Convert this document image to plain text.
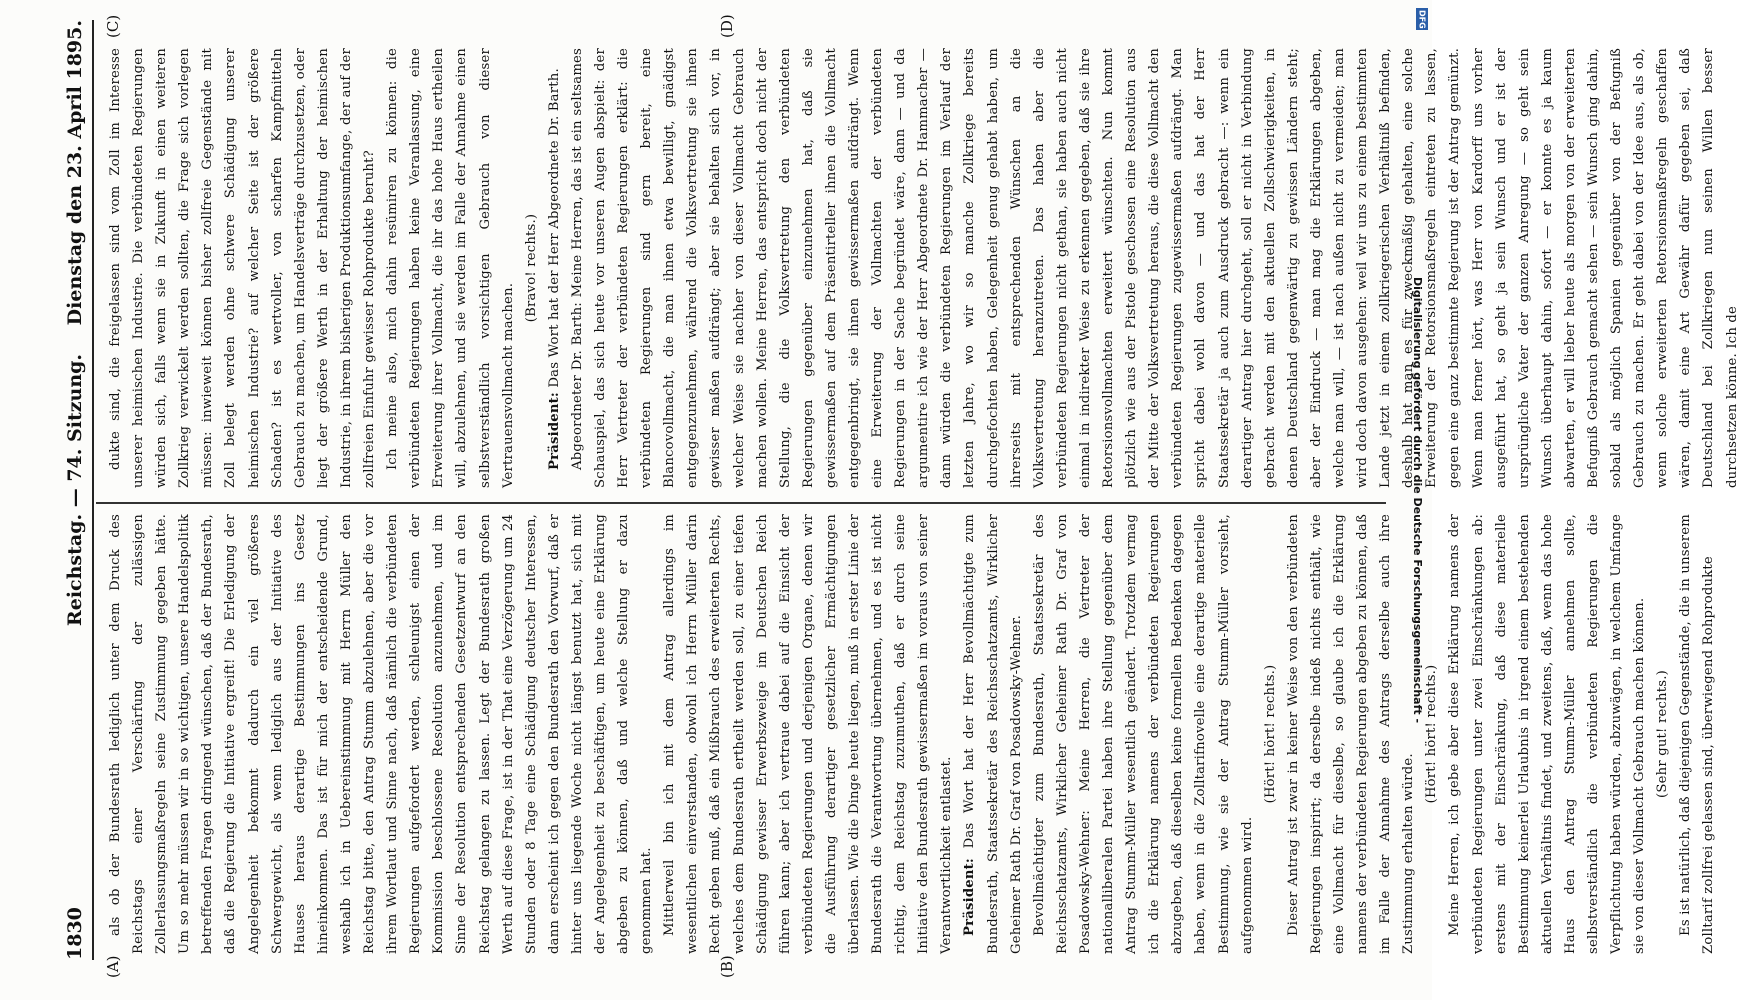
1830
Reichstag. — 74. Sitzung.
Dienstag den 23. April 1895.
(A)	(B)
(C)	(D)

als ob der Bundesrath lediglich unter dem Druck des Reichstags einer Verschärfung der zulässigen Zollerlassungsmaßregeln seine Zustimmung gegeben hätte. Um so mehr müssen wir in so wichtigen, unsere Handelspolitik betreffenden Fragen dringend wünschen, daß der Bundesrath, daß die Regierung die Initiative ergreift! Die Erledigung der Angelegenheit bekommt dadurch ein viel größeres Schwergewicht, als wenn lediglich aus der Initiative des Hauses heraus derartige Bestimmungen ins Gesetz hineinkommen. Das ist für mich der entscheidende Grund, weshalb ich in Uebereinstimmung mit Herrn Müller den Reichstag bitte, den Antrag Stumm abzulehnen, aber die vor ihrem Wortlaut und Sinne nach, daß nämlich die verbündeten Regierungen aufgefordert werden, schleunigst einen der Kommission beschlossene Resolution anzunehmen, und im Sinne der Resolution entsprechenden Gesetzentwurf an den Reichstag gelangen zu lassen. Legt der Bundesrath großen Werth auf diese Frage, ist in der That eine Verzögerung um 24 Stunden oder 8 Tage eine Schädigung deutscher Interessen, dann erscheint ich gegen den Bundesrath den Vorwurf, daß er hinter uns liegende Woche nicht längst benutzt hat, sich mit der Angelegenheit zu beschäftigen, um heute eine Erklärung abgeben zu können, daß und welche Stellung er dazu genommen hat. Mittlerweil bin ich mit dem Antrag allerdings im wesentlichen einverstanden, obwohl ich Herrn Müller darin Recht geben muß, daß ein Mißbrauch des erweiterten Rechts, welches dem Bundesrath ertheilt werden soll, zu einer tiefen Schädigung gewisser Erwerbszweige im Deutschen Reich führen kann; aber ich vertraue dabei auf die Einsicht der verbündeten Regierungen und derjenigen Organe, denen wir die Ausführung derartiger gesetzlicher Ermächtigungen überlassen. Wie die Dinge heute liegen, muß in erster Linie der Bundesrath die Verantwortung übernehmen, und es ist nicht richtig, dem Reichstag zuzumuthen, daß er durch seine Initiative den Bundesrath gewissermaßen im voraus von seiner Verantwortlichkeit entlastet. Präsident: Das Wort hat der Herr Bevollmächtigte zum Bundesrath, Staatssekretär des Reichsschatzamts, Wirklicher Geheimer Rath Dr. Graf von Posadowsky-Wehner. Bevollmächtigter zum Bundesrath, Staatssekretär des Reichsschatzamts, Wirklicher Geheimer Rath Dr. Graf von Posadowsky-Wehner: Meine Herren, die Vertreter der nationalliberalen Partei haben ihre Stellung gegenüber dem Antrag Stumm-Müller wesentlich geändert. Trotzdem vermag ich die Erklärung namens der verbündeten Regierungen abzugeben, daß dieselben keine formellen Bedenken dagegen haben, wenn in die Zolltarifnovelle eine derartige materielle Bestimmung, wie sie der Antrag Stumm-Müller vorsieht, aufgenommen wird.

(Hört! hört! rechts.) Dieser Antrag ist zwar in keiner Weise von den verbündeten Regierungen inspirirt; da derselbe indeß nichts enthält, wie eine Vollmacht für dieselbe, so glaube ich die Erklärung namens der verbündeten Regierungen abgeben zu können, daß im Falle der Annahme des Antrags derselbe auch ihre Zustimmung erhalten würde.

(Hört! hört! rechts.) Meine Herren, ich gebe aber diese Erklärung namens der verbündeten Regierungen unter zwei Einschränkungen ab: erstens mit der Einschränkung, daß diese materielle Bestimmung keinerlei Urlaubnis in irgend einem bestehenden aktuellen Verhältnis findet, und zweitens, daß, wenn das hohe Haus den Antrag Stumm-Müller annehmen sollte, selbstverständlich die verbündeten Regierungen die Verpflichtung haben würden, abzuwägen, in welchem Umfange sie von dieser Vollmacht Gebrauch machen können. (Sehr gut! rechts.) Es ist natürlich, daß diejenigen Gegenstände, die in unserem Zolltarif zollfrei gelassen sind, überwiegend Rohprodukte

dukte sind, die freigelassen sind vom Zoll im Interesse unserer heimischen Industrie. Die verbündeten Regierungen würden sich, falls wenn sie in Zukunft in einen weiteren Zollkrieg verwickelt werden sollten, die Frage sich vorlegen müssen: inwieweit können bisher zollfreie Gegenstände mit Zoll belegt werden ohne schwere Schädigung unserer heimischen Industrie? auf welcher Seite ist der größere Schaden? ist es wertvoller, von scharfen Kampfmitteln Gebrauch zu machen, um Handelsverträge durchzusetzen, oder liegt der größere Werth in der Erhaltung der heimischen Industrie, in ihrem bisherigen Produktionsumfange, der auf der zollfreien Einfuhr gewisser Rohprodukte beruht? Ich meine also, mich dahin resümiren zu können: die verbündeten Regierungen haben keine Veranlassung, eine Erweiterung ihrer Vollmacht, die ihr das hohe Haus ertheilen will, abzulehnen, und sie werden im Falle der Annahme einen selbstverständlich vorsichtigen Gebrauch von dieser Vertrauensvollmacht machen.

(Bravo! rechts.)

Präsident: Das Wort hat der Herr Abgeordnete Dr. Barth. Abgeordneter Dr. Barth: Meine Herren, das ist ein seltsames Schauspiel, das sich heute vor unseren Augen abspielt: der Herr Vertreter der verbündeten Regierungen erklärt: die verbündeten Regierungen sind gern bereit, eine Blancovollmacht, die man ihnen etwa bewilligt, gnädigst entgegenzunehmen, während die Volksvertretung sie ihnen gewisser maßen aufdrängt; aber sie behalten sich vor, in welcher Weise sie nachher von dieser Vollmacht Gebrauch machen wollen. Meine Herren, das entspricht doch nicht der Stellung, die die Volksvertretung den verbündeten Regierungen gegenüber einzunehmen hat, daß sie gewissermaßen auf dem Präsentirteller ihnen die Vollmacht entgegenbringt, sie ihnen gewissermaßen aufdrängt. Wenn eine Erweiterung der Vollmachten der verbündeten Regierungen in der Sache begründet wäre, dann — und da argumentire ich wie der Herr Abgeordnete Dr. Hammacher — dann würden die verbündeten Regierungen im Verlauf der letzten Jahre, wo wir so manche Zollkriege bereits durchgefochten haben, Gelegenheit genug gehabt haben, um ihrerseits mit entsprechenden Wünschen an die Volksvertretung heranzutreten. Das haben aber die verbündeten Regierungen nicht gethan, sie haben auch nicht einmal in indirekter Weise zu erkennen gegeben, daß sie ihre Retorsionsvollmachten erweitert wünschten. Nun kommt plötzlich wie aus der Pistole geschossen eine Resolution aus der Mitte der Volksvertretung heraus, die diese Vollmacht den verbündeten Regierungen zugewissermaßen aufdrängt. Man spricht dabei wohl davon — und das hat der Herr Staatssekretär ja auch zum Ausdruck gebracht —: wenn ein derartiger Antrag hier durchgeht, soll er nicht in Verbindung gebracht werden mit den aktuellen Zollschwierigkeiten, in denen Deutschland gegenwärtig zu gewissen Ländern steht; aber der Eindruck — man mag die Erklärungen abgeben, welche man will, — ist nach außen nicht zu vermeiden; man wird doch davon ausgehen: weil wir uns zu einem bestimmten Lande jetzt in einem zollkriegerischen Verhältniß befinden, deshalb hat man es für zweckmäßig gehalten, eine solche Erweiterung der Retorsionsmaßregeln eintreten zu lassen, gegen eine ganz bestimmte Regierung ist der Antrag gemünzt. Wenn man ferner hört, was Herr von Kardorff uns vorher ausgeführt hat, so geht ja sein Wunsch und er ist der ursprüngliche Vater der ganzen Anregung — so geht sein Wunsch überhaupt dahin, sofort — er konnte es ja kaum abwarten, er will lieber heute als morgen von der erweiterten Befugniß Gebrauch gemacht sehen — sein Wunsch ging dahin, sobald als möglich Spanien gegenüber von der Befugniß Gebrauch zu machen. Er geht dabei von der Idee aus, als ob, wenn solche erweiterten Retorsionsmaßregeln geschaffen wären, damit eine Art Gewähr dafür gegeben sei, daß Deutschland bei Zollkriegen nun seinen Willen besser durchsetzen könne. Ich de

Digitalisierung gefördert durch die Deutsche Forschungsgemeinschaft -
DFG
